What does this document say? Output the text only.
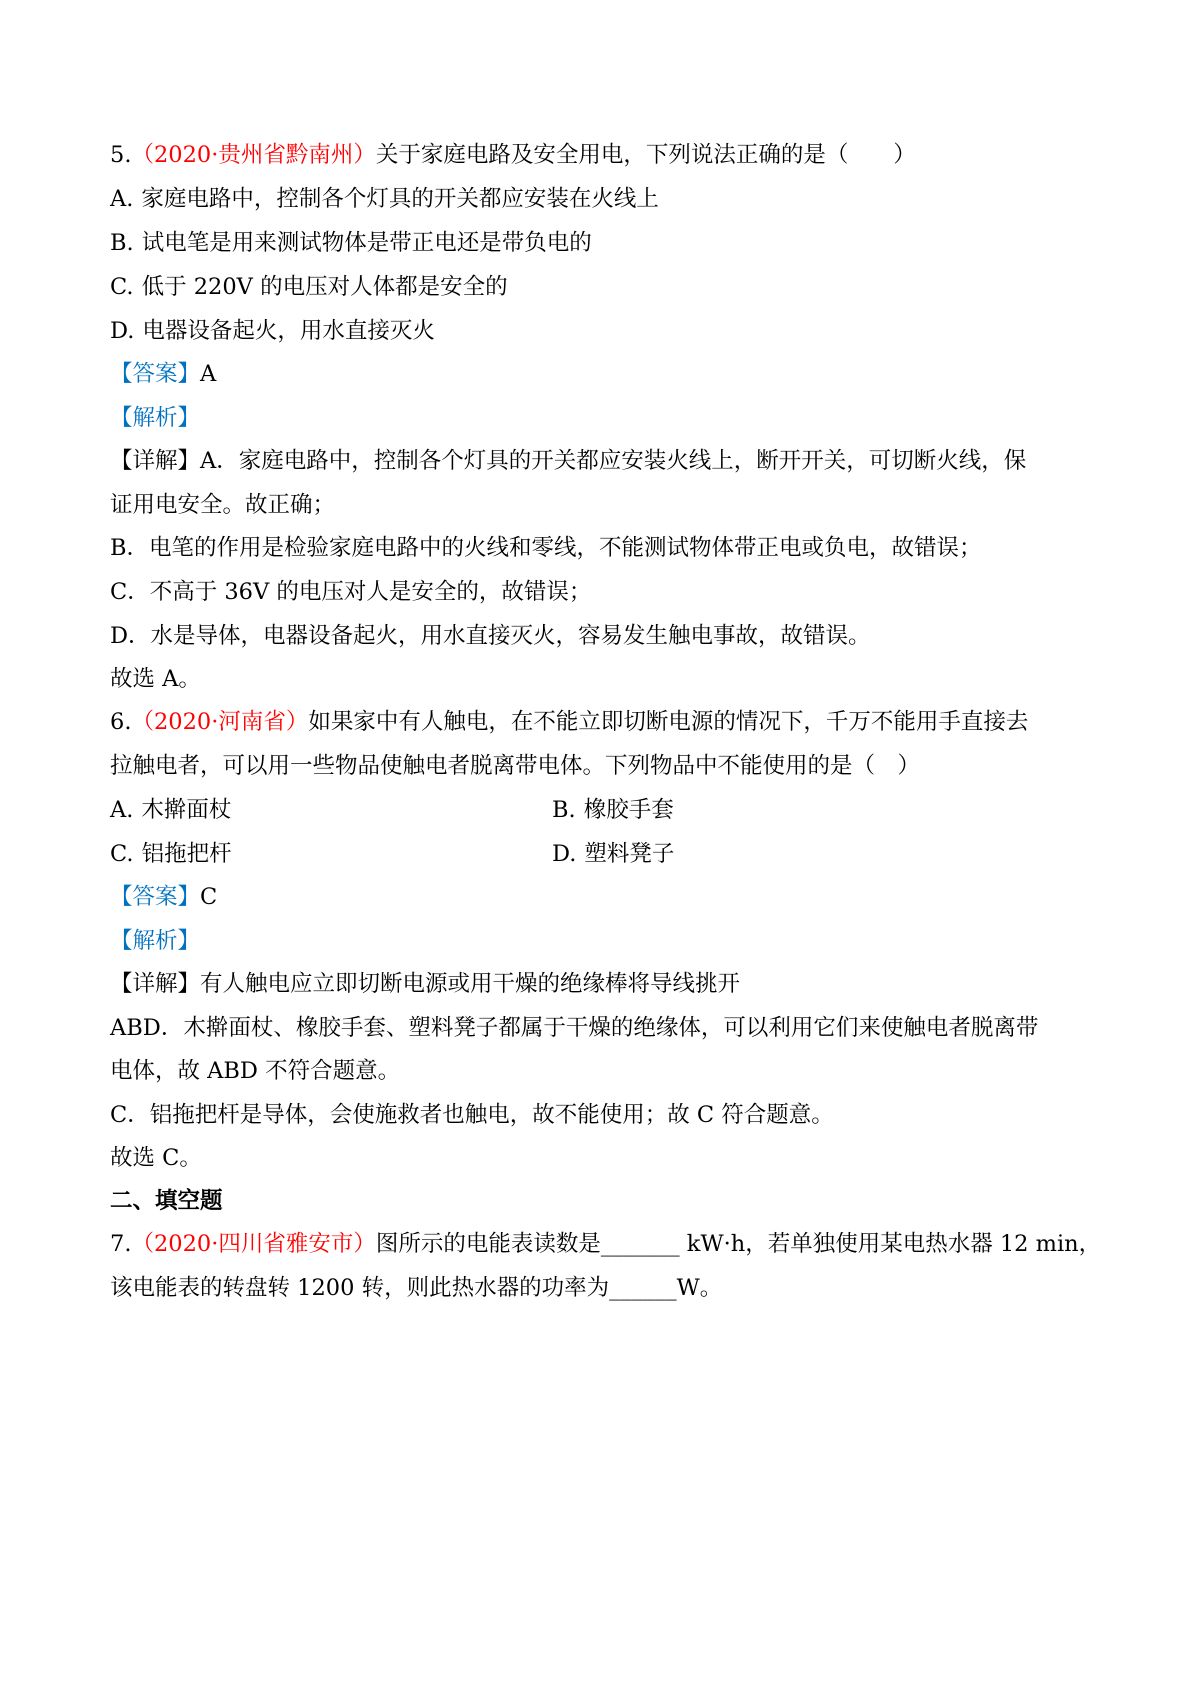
5.（2020·贵州省黔南州）关于家庭电路及安全用电，下列说法正确的是（　　）
A. 家庭电路中，控制各个灯具的开关都应安装在火线上
B. 试电笔是用来测试物体是带正电还是带负电的
C. 低于 220V 的电压对人体都是安全的
D. 电器设备起火，用水直接灭火
【答案】A
【解析】
【详解】A．家庭电路中，控制各个灯具的开关都应安装火线上，断开开关，可切断火线，保
证用电安全。故正确；
B．电笔的作用是检验家庭电路中的火线和零线，不能测试物体带正电或负电，故错误；
C．不高于 36V 的电压对人是安全的，故错误；
D．水是导体，电器设备起火，用水直接灭火，容易发生触电事故，故错误。
故选 A。
6.（2020·河南省）如果家中有人触电，在不能立即切断电源的情况下，千万不能用手直接去
拉触电者，可以用一些物品使触电者脱离带电体。下列物品中不能使用的是（　）
A. 木擀面杖	B. 橡胶手套
C. 铝拖把杆	D. 塑料凳子
【答案】C
【解析】
【详解】有人触电应立即切断电源或用干燥的绝缘棒将导线挑开
ABD．木擀面杖、橡胶手套、塑料凳子都属于干燥的绝缘体，可以利用它们来使触电者脱离带
电体，故 ABD 不符合题意。
C．铝拖把杆是导体，会使施救者也触电，故不能使用；故 C 符合题意。
故选 C。
二、填空题
7.（2020·四川省雅安市）图所示的电能表读数是_______ kW·h，若单独使用某电热水器 12 min，
该电能表的转盘转 1200 转，则此热水器的功率为______W。
